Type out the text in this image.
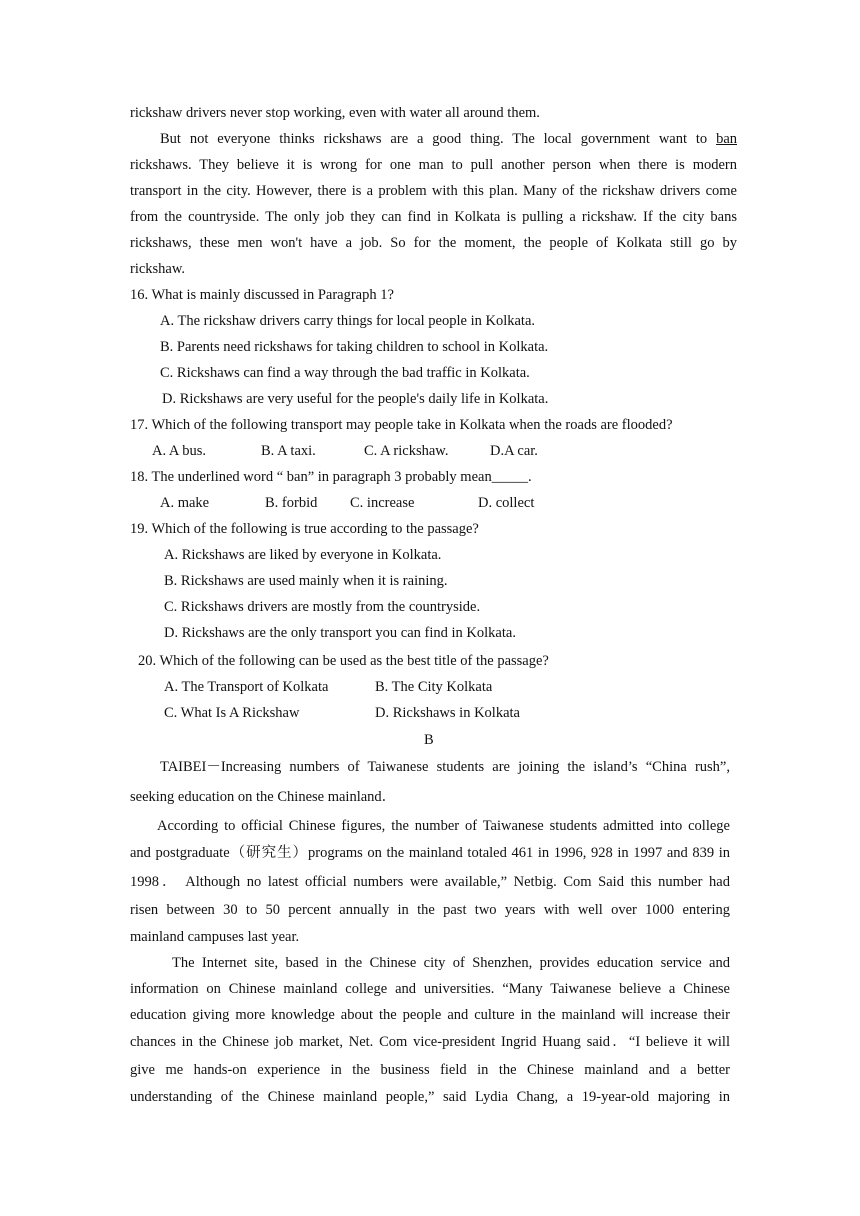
rickshaw drivers never stop working, even with water all around them.
But not everyone thinks rickshaws are a good thing. The local government want to ban
rickshaws. They believe it is wrong for one man to pull another person when there is modern
transport in the city. However, there is a problem with this plan. Many of the rickshaw drivers come
from the countryside. The only job they can find in Kolkata is pulling a rickshaw. If the city bans
rickshaws, these men won't have a job. So for the moment, the people of Kolkata still go by
rickshaw.
16. What is mainly discussed in Paragraph 1?
A. The rickshaw drivers carry things for local people in Kolkata.
B. Parents need rickshaws for taking children to school in Kolkata.
C. Rickshaws can find a way through the bad traffic in Kolkata.
D. Rickshaws are very useful for the people's daily life in Kolkata.
17. Which of the following transport may people take in Kolkata when the roads are flooded?
A. A bus.	B. A taxi.	C. A rickshaw.	D.A car.
18. The underlined word “ ban” in paragraph 3 probably mean_____.
A. make	B. forbid C. increase	D. collect
19. Which of the following is true according to the passage?
A. Rickshaws are liked by everyone in Kolkata.
B. Rickshaws are used mainly when it is raining.
C. Rickshaws drivers are mostly from the countryside.
D. Rickshaws are the only transport you can find in Kolkata.
20. Which of the following can be used as the best title of the passage?
A. The Transport of Kolkata	B. The City Kolkata
C. What Is A Rickshaw	D. Rickshaws in Kolkata
B
TAIBEI－Increasing numbers of Taiwanese students are joining the island’s “China rush”,
seeking education on the Chinese mainland．
According to official Chinese figures, the number of Taiwanese students admitted into college
and postgraduate（研究生）programs on the mainland totaled 461 in 1996, 928 in 1997 and 839 in
1998． Although no latest official numbers were available,” Netbig. Com Said this number had
risen between 30 to 50 percent annually in the past two years with well over 1000 entering
mainland campuses last year.
The Internet site, based in the Chinese city of Shenzhen, provides education service and
information on Chinese mainland college and universities. “Many Taiwanese believe a Chinese
education giving more knowledge about the people and culture in the mainland will increase their
chances in the Chinese job market, Net. Com vice-president Ingrid Huang said．“I believe it will
give me hands-on experience in the business field in the Chinese mainland and a better
understanding of the Chinese mainland people,” said Lydia Chang, a 19-year-old majoring in
